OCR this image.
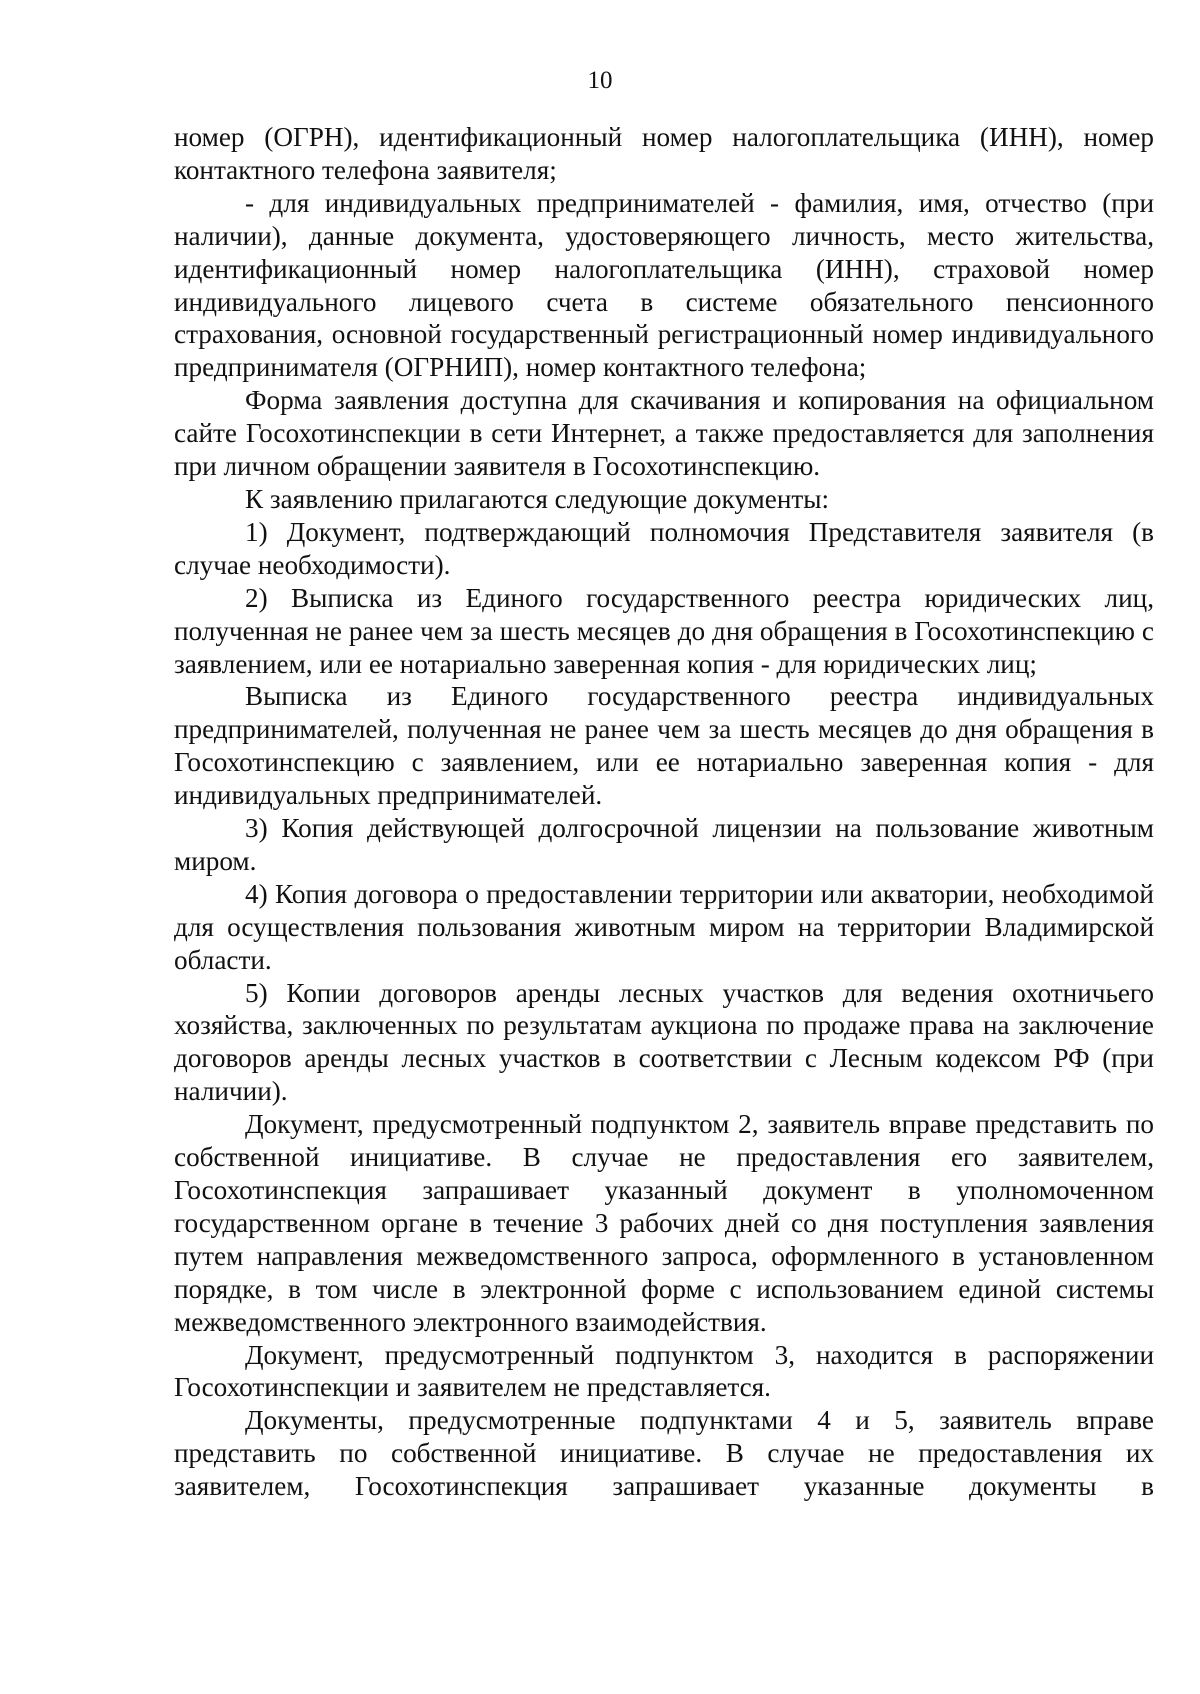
10

номер (ОГРН), идентификационный номер налогоплательщика (ИНН), номер контактного телефона заявителя;

- для индивидуальных предпринимателей - фамилия, имя, отчество (при наличии), данные документа, удостоверяющего личность, место жительства, идентификационный номер налогоплательщика (ИНН), страховой номер индивидуального лицевого счета в системе обязательного пенсионного страхования, основной государственный регистрационный номер индивидуального предпринимателя (ОГРНИП), номер контактного телефона;

Форма заявления доступна для скачивания и копирования на официальном сайте Госохотинспекции в сети Интернет, а также предоставляется для заполнения при личном обращении заявителя в Госохотинспекцию.

К заявлению прилагаются следующие документы:

1) Документ, подтверждающий полномочия Представителя заявителя (в случае необходимости).

2) Выписка из Единого государственного реестра юридических лиц, полученная не ранее чем за шесть месяцев до дня обращения в Госохотинспекцию с заявлением, или ее нотариально заверенная копия - для юридических лиц;

Выписка из Единого государственного реестра индивидуальных предпринимателей, полученная не ранее чем за шесть месяцев до дня обращения в Госохотинспекцию с заявлением, или ее нотариально заверенная копия - для индивидуальных предпринимателей.

3) Копия действующей долгосрочной лицензии на пользование животным миром.

4) Копия договора о предоставлении территории или акватории, необходимой для осуществления пользования животным миром на территории Владимирской области.

5) Копии договоров аренды лесных участков для ведения охотничьего хозяйства, заключенных по результатам аукциона по продаже права на заключение договоров аренды лесных участков в соответствии с Лесным кодексом РФ (при наличии).

Документ, предусмотренный подпунктом 2, заявитель вправе представить по собственной инициативе. В случае не предоставления его заявителем, Госохотинспекция запрашивает указанный документ в уполномоченном государственном органе в течение 3 рабочих дней со дня поступления заявления путем направления межведомственного запроса, оформленного в установленном порядке, в том числе в электронной форме с использованием единой системы межведомственного электронного взаимодействия.

Документ, предусмотренный подпунктом 3, находится в распоряжении Госохотинспекции и заявителем не представляется.

Документы, предусмотренные подпунктами 4 и 5, заявитель вправе представить по собственной инициативе. В случае не предоставления их заявителем, Госохотинспекция запрашивает указанные документы в
